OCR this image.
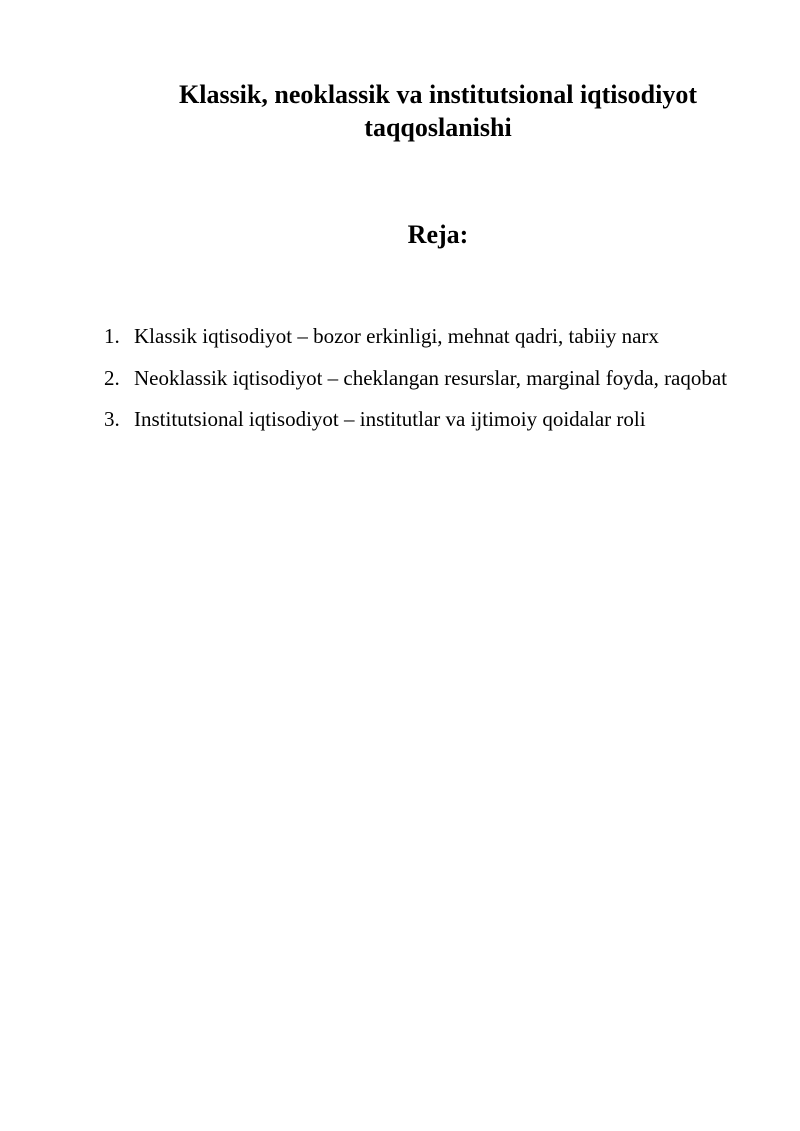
Klassik, neoklassik va institutsional iqtisodiyot
taqqoslanishi
Reja:
1. Klassik iqtisodiyot – bozor erkinligi, mehnat qadri, tabiiy narx
2. Neoklassik iqtisodiyot – cheklangan resurslar, marginal foyda, raqobat
3. Institutsional iqtisodiyot – institutlar va ijtimoiy qoidalar roli
